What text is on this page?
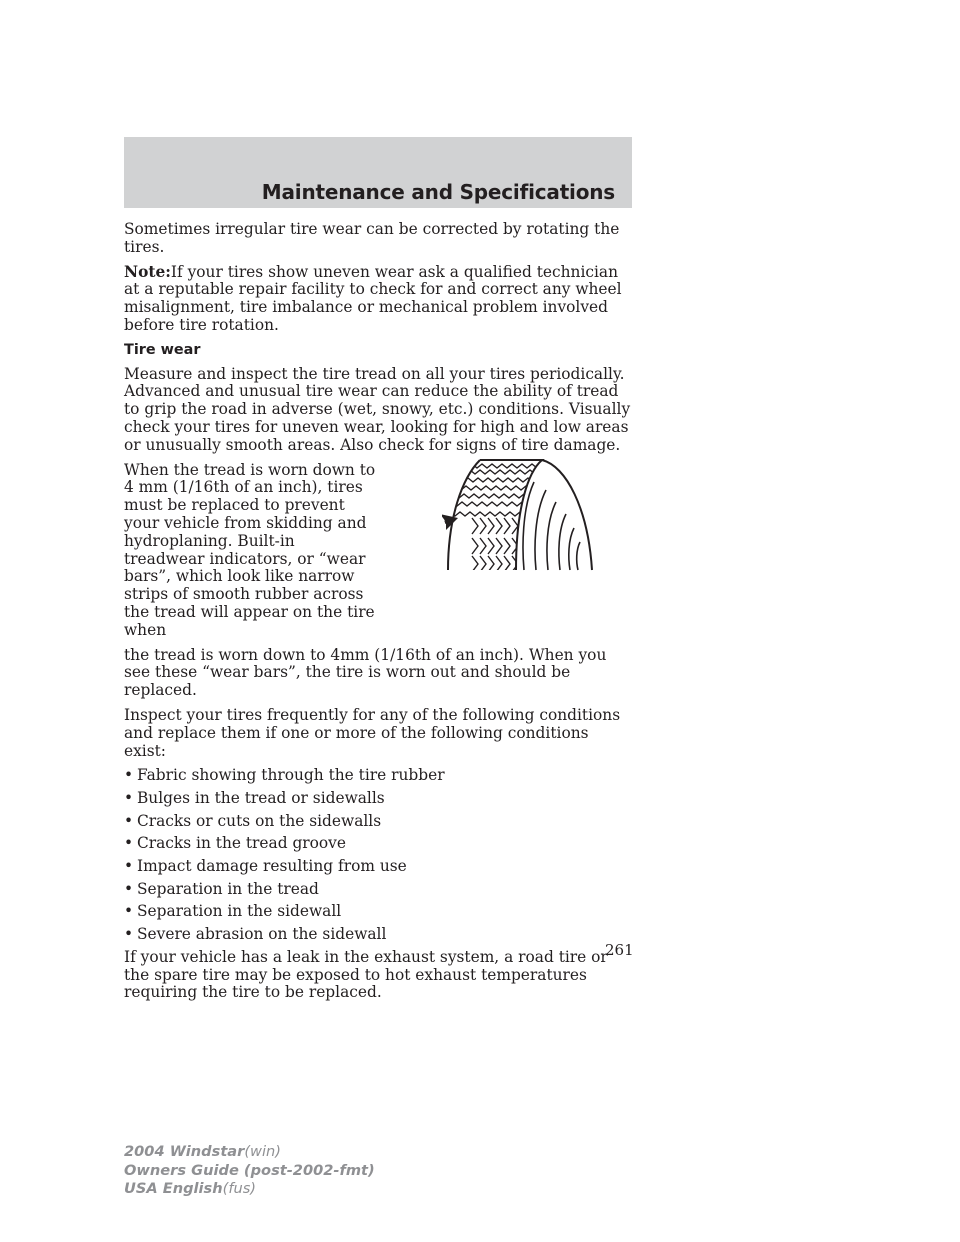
Maintenance and Specifications

Sometimes irregular tire wear can be corrected by rotating the tires.

Note:If your tires show uneven wear ask a qualified technician at a reputable repair facility to check for and correct any wheel misalignment, tire imbalance or mechanical problem involved before tire rotation.

Tire wear

Measure and inspect the tire tread on all your tires periodically. Advanced and unusual tire wear can reduce the ability of tread to grip the road in adverse (wet, snowy, etc.) conditions. Visually check your tires for uneven wear, looking for high and low areas or unusually smooth areas. Also check for signs of tire damage.

When the tread is worn down to 4 mm (1/16th of an inch), tires must be replaced to prevent your vehicle from skidding and hydroplaning. Built-in treadwear indicators, or “wear bars”, which look like narrow strips of smooth rubber across the tread will appear on the tire when

the tread is worn down to 4mm (1/16th of an inch). When you see these “wear bars”, the tire is worn out and should be replaced.

Inspect your tires frequently for any of the following conditions and replace them if one or more of the following conditions exist:

• Fabric showing through the tire rubber
• Bulges in the tread or sidewalls
• Cracks or cuts on the sidewalls
• Cracks in the tread groove
• Impact damage resulting from use
• Separation in the tread
• Separation in the sidewall
• Severe abrasion on the sidewall

If your vehicle has a leak in the exhaust system, a road tire or the spare tire may be exposed to hot exhaust temperatures requiring the tire to be replaced.

261
2004 Windstar(win)
Owners Guide (post-2002-fmt)
USA English(fus)
